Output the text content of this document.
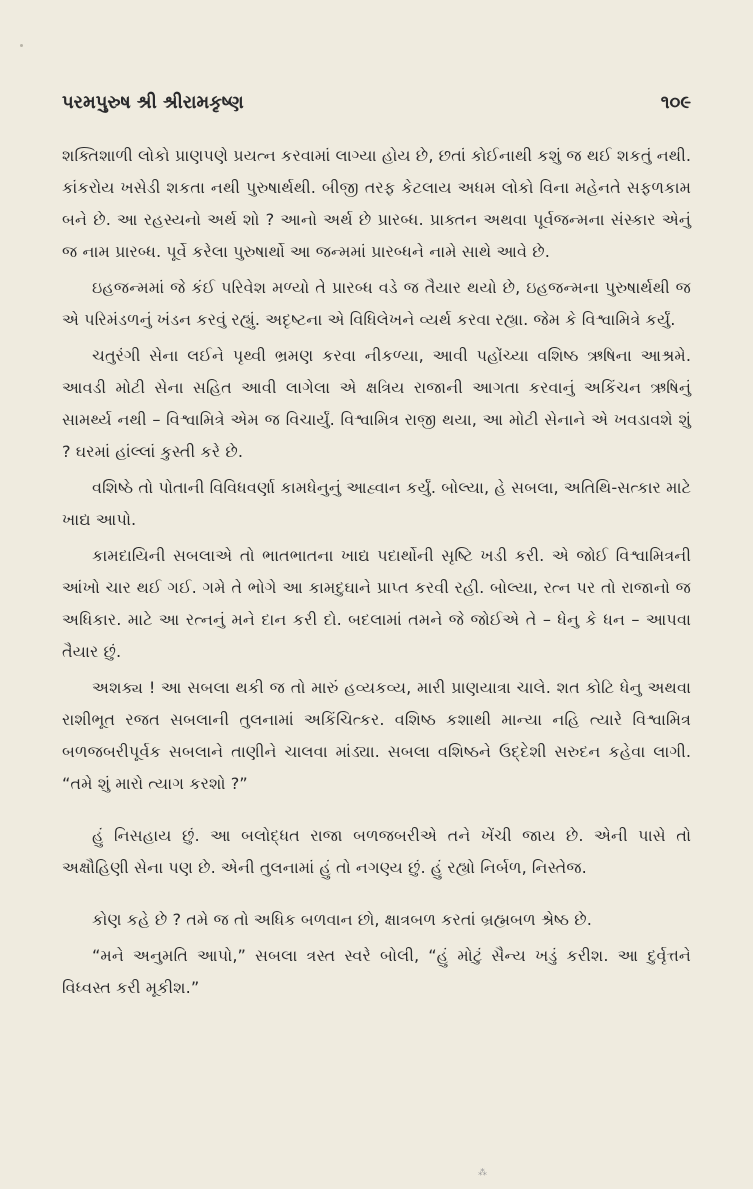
પરમપુરુષ શ્રી શ્રીરામકૃષ્ણ	૧૦૯

શક્તિશાળી લોકો પ્રાણપણે પ્રયત્ન કરવામાં લાગ્યા હોય છે, છતાં કોઈનાથી કશું જ થઈ શકતું નથી. કાંકરોય ખસેડી શકતા નથી પુરુષાર્થથી. બીજી તરફ કેટલાય અધમ લોકો વિના મહેનતે સફળકામ બને છે. આ રહસ્યનો અર્થ શો ? આનો અર્થ છે પ્રારબ્ધ. પ્રાક્તન અથવા પૂર્વજન્મના સંસ્કાર એનું જ નામ પ્રારબ્ધ. પૂર્વે કરેલા પુરુષાર્થો આ જન્મમાં પ્રારબ્ધને નામે સાથે આવે છે.

ઇહજન્મમાં જે કંઈ પરિવેશ મળ્યો તે પ્રારબ્ધ વડે જ તૈયાર થયો છે, ઇહજન્મના પુરુષાર્થથી જ એ પરિમંડળનું ખંડન કરવું રહ્યું. અદૃષ્ટના એ વિધિલેખને વ્યર્થ કરવા રહ્યા. જેમ કે વિશ્વામિત્રે કર્યું.

ચતુરંગી સેના લઈને પૃથ્વી ભ્રમણ કરવા નીકળ્યા, આવી પહોંચ્યા વશિષ્ઠ ઋષિના આશ્રમે. આવડી મોટી સેના સહિત આવી લાગેલા એ ક્ષત્રિય રાજાની આગતા કરવાનું અકિંચન ઋષિનું સામર્થ્ય નથી – વિશ્વામિત્રે એમ જ વિચાર્યું. વિશ્વામિત્ર રાજી થયા, આ મોટી સેનાને એ ખવડાવશે શું ? ઘરમાં હાંલ્લાં કુસ્તી કરે છે.

વશિષ્ઠે તો પોતાની વિવિધવર્ણા કામધેનુનું આહ્વાન કર્યું. બોલ્યા, હે સબલા, અતિથિ-સત્કાર માટે ખાદ્ય આપો.

કામદાયિની સબલાએ તો ભાતભાતના ખાદ્ય પદાર્થોની સૃષ્ટિ ખડી કરી. એ જોઈ વિશ્વામિત્રની આંખો ચાર થઈ ગઈ. ગમે તે ભોગે આ કામદુઘાને પ્રાપ્ત કરવી રહી. બોલ્યા, રત્ન પર તો રાજાનો જ અધિકાર. માટે આ રત્નનું મને દાન કરી દો. બદલામાં તમને જે જોઈએ તે – ધેનુ કે ધન – આપવા તૈયાર છું.

અશક્ય ! આ સબલા થકી જ તો મારું હવ્યકવ્ય, મારી પ્રાણયાત્રા ચાલે. શત કોટિ ધેનુ અથવા રાશીભૂત રજત સબલાની તુલનામાં અકિંચિત્કર. વશિષ્ઠ કશાથી માન્યા નહિ ત્યારે વિશ્વામિત્ર બળજબરીપૂર્વક સબલાને તાણીને ચાલવા માંડ્યા. સબલા વશિષ્ઠને ઉદ્દેશી સરુદન કહેવા લાગી. “તમે શું મારો ત્યાગ કરશો ?”

હું નિસહાય છું. આ બલોદ્ધત રાજા બળજબરીએ તને ખેંચી જાય છે. એની પાસે તો અક્ષૌહિણી સેના પણ છે. એની તુલનામાં હું તો નગણ્ય છું. હું રહ્યો નિર્બળ, નિસ્તેજ.

કોણ કહે છે ? તમે જ તો અધિક બળવાન છો, ક્ષાત્રબળ કરતાં બ્રહ્મબળ શ્રેષ્ઠ છે.

“મને અનુમતિ આપો,” સબલા ત્રસ્ત સ્વરે બોલી, “હું મોટું સૈન્ય ખડું કરીશ. આ દુર્વૃત્તને વિધ્વસ્ત કરી મૂકીશ.”

⁂
